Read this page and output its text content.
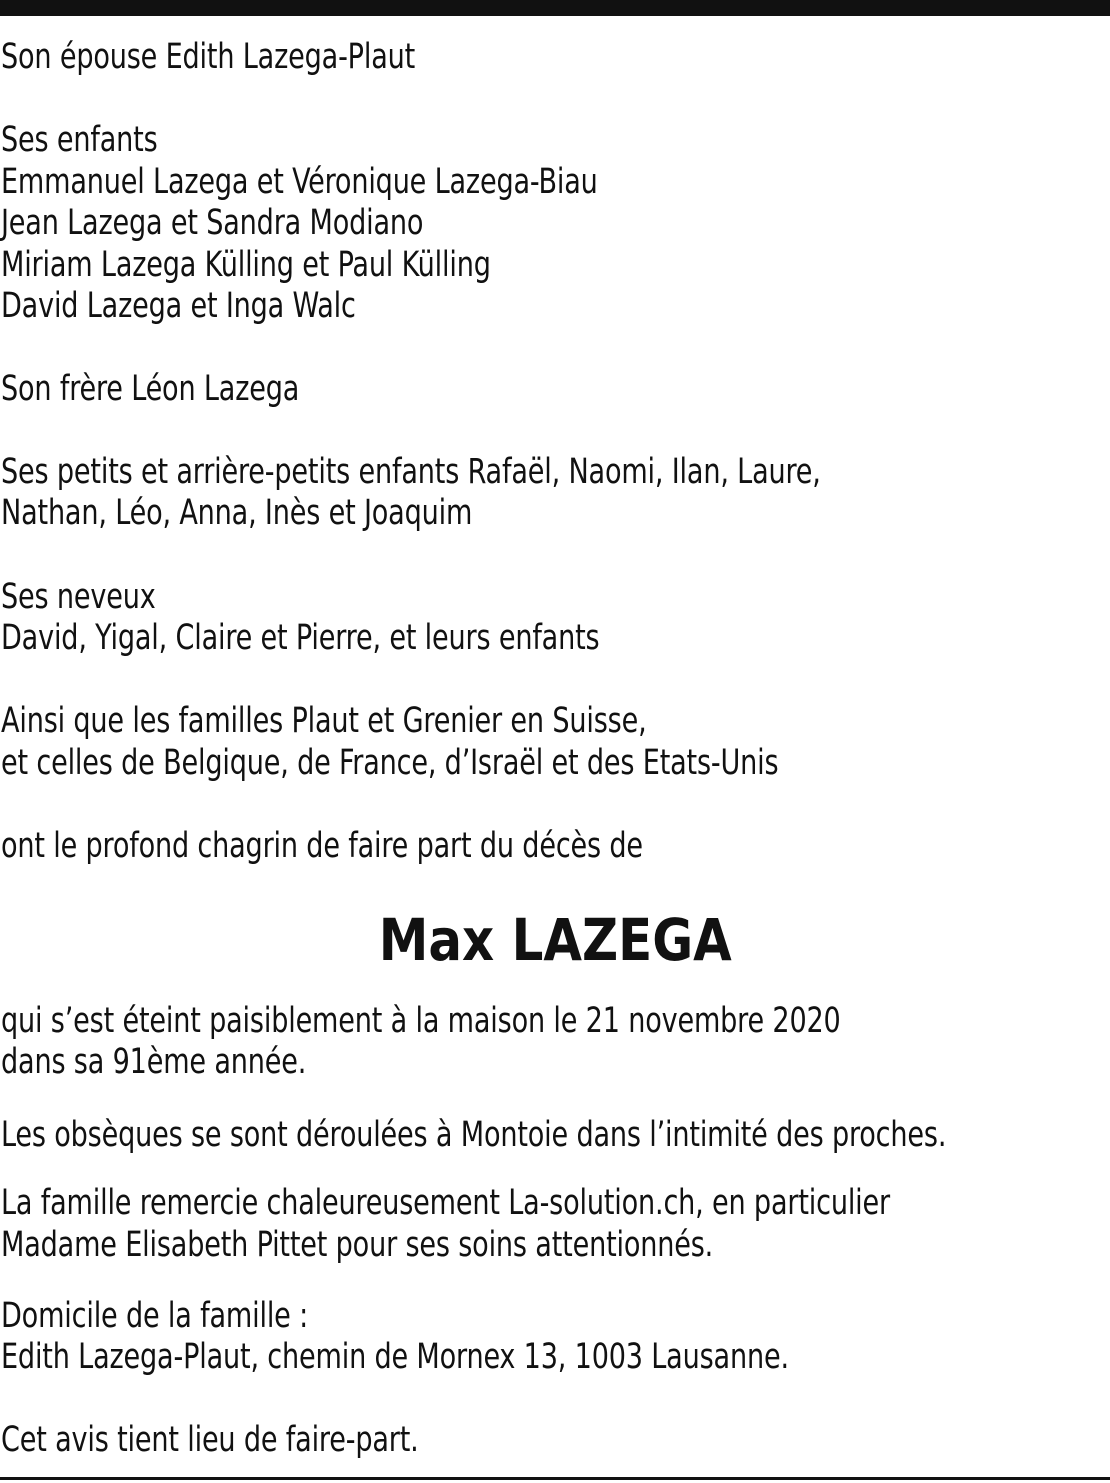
Son épouse Edith Lazega-Plaut
Ses enfants
Emmanuel Lazega et Véronique Lazega-Biau
Jean Lazega et Sandra Modiano
Miriam Lazega Külling et Paul Külling
David Lazega et Inga Walc
Son frère Léon Lazega
Ses petits et arrière-petits enfants Rafaël, Naomi, Ilan, Laure,
Nathan, Léo, Anna, Inès et Joaquim
Ses neveux
David, Yigal, Claire et Pierre, et leurs enfants
Ainsi que les familles Plaut et Grenier en Suisse,
et celles de Belgique, de France, d’Israël et des Etats-Unis
ont le profond chagrin de faire part du décès de
Max LAZEGA
qui s’est éteint paisiblement à la maison le 21 novembre 2020
dans sa 91ème année.
Les obsèques se sont déroulées à Montoie dans l’intimité des proches.
La famille remercie chaleureusement La-solution.ch, en particulier
Madame Elisabeth Pittet pour ses soins attentionnés.
Domicile de la famille :
Edith Lazega-Plaut, chemin de Mornex 13, 1003 Lausanne.
Cet avis tient lieu de faire-part.
